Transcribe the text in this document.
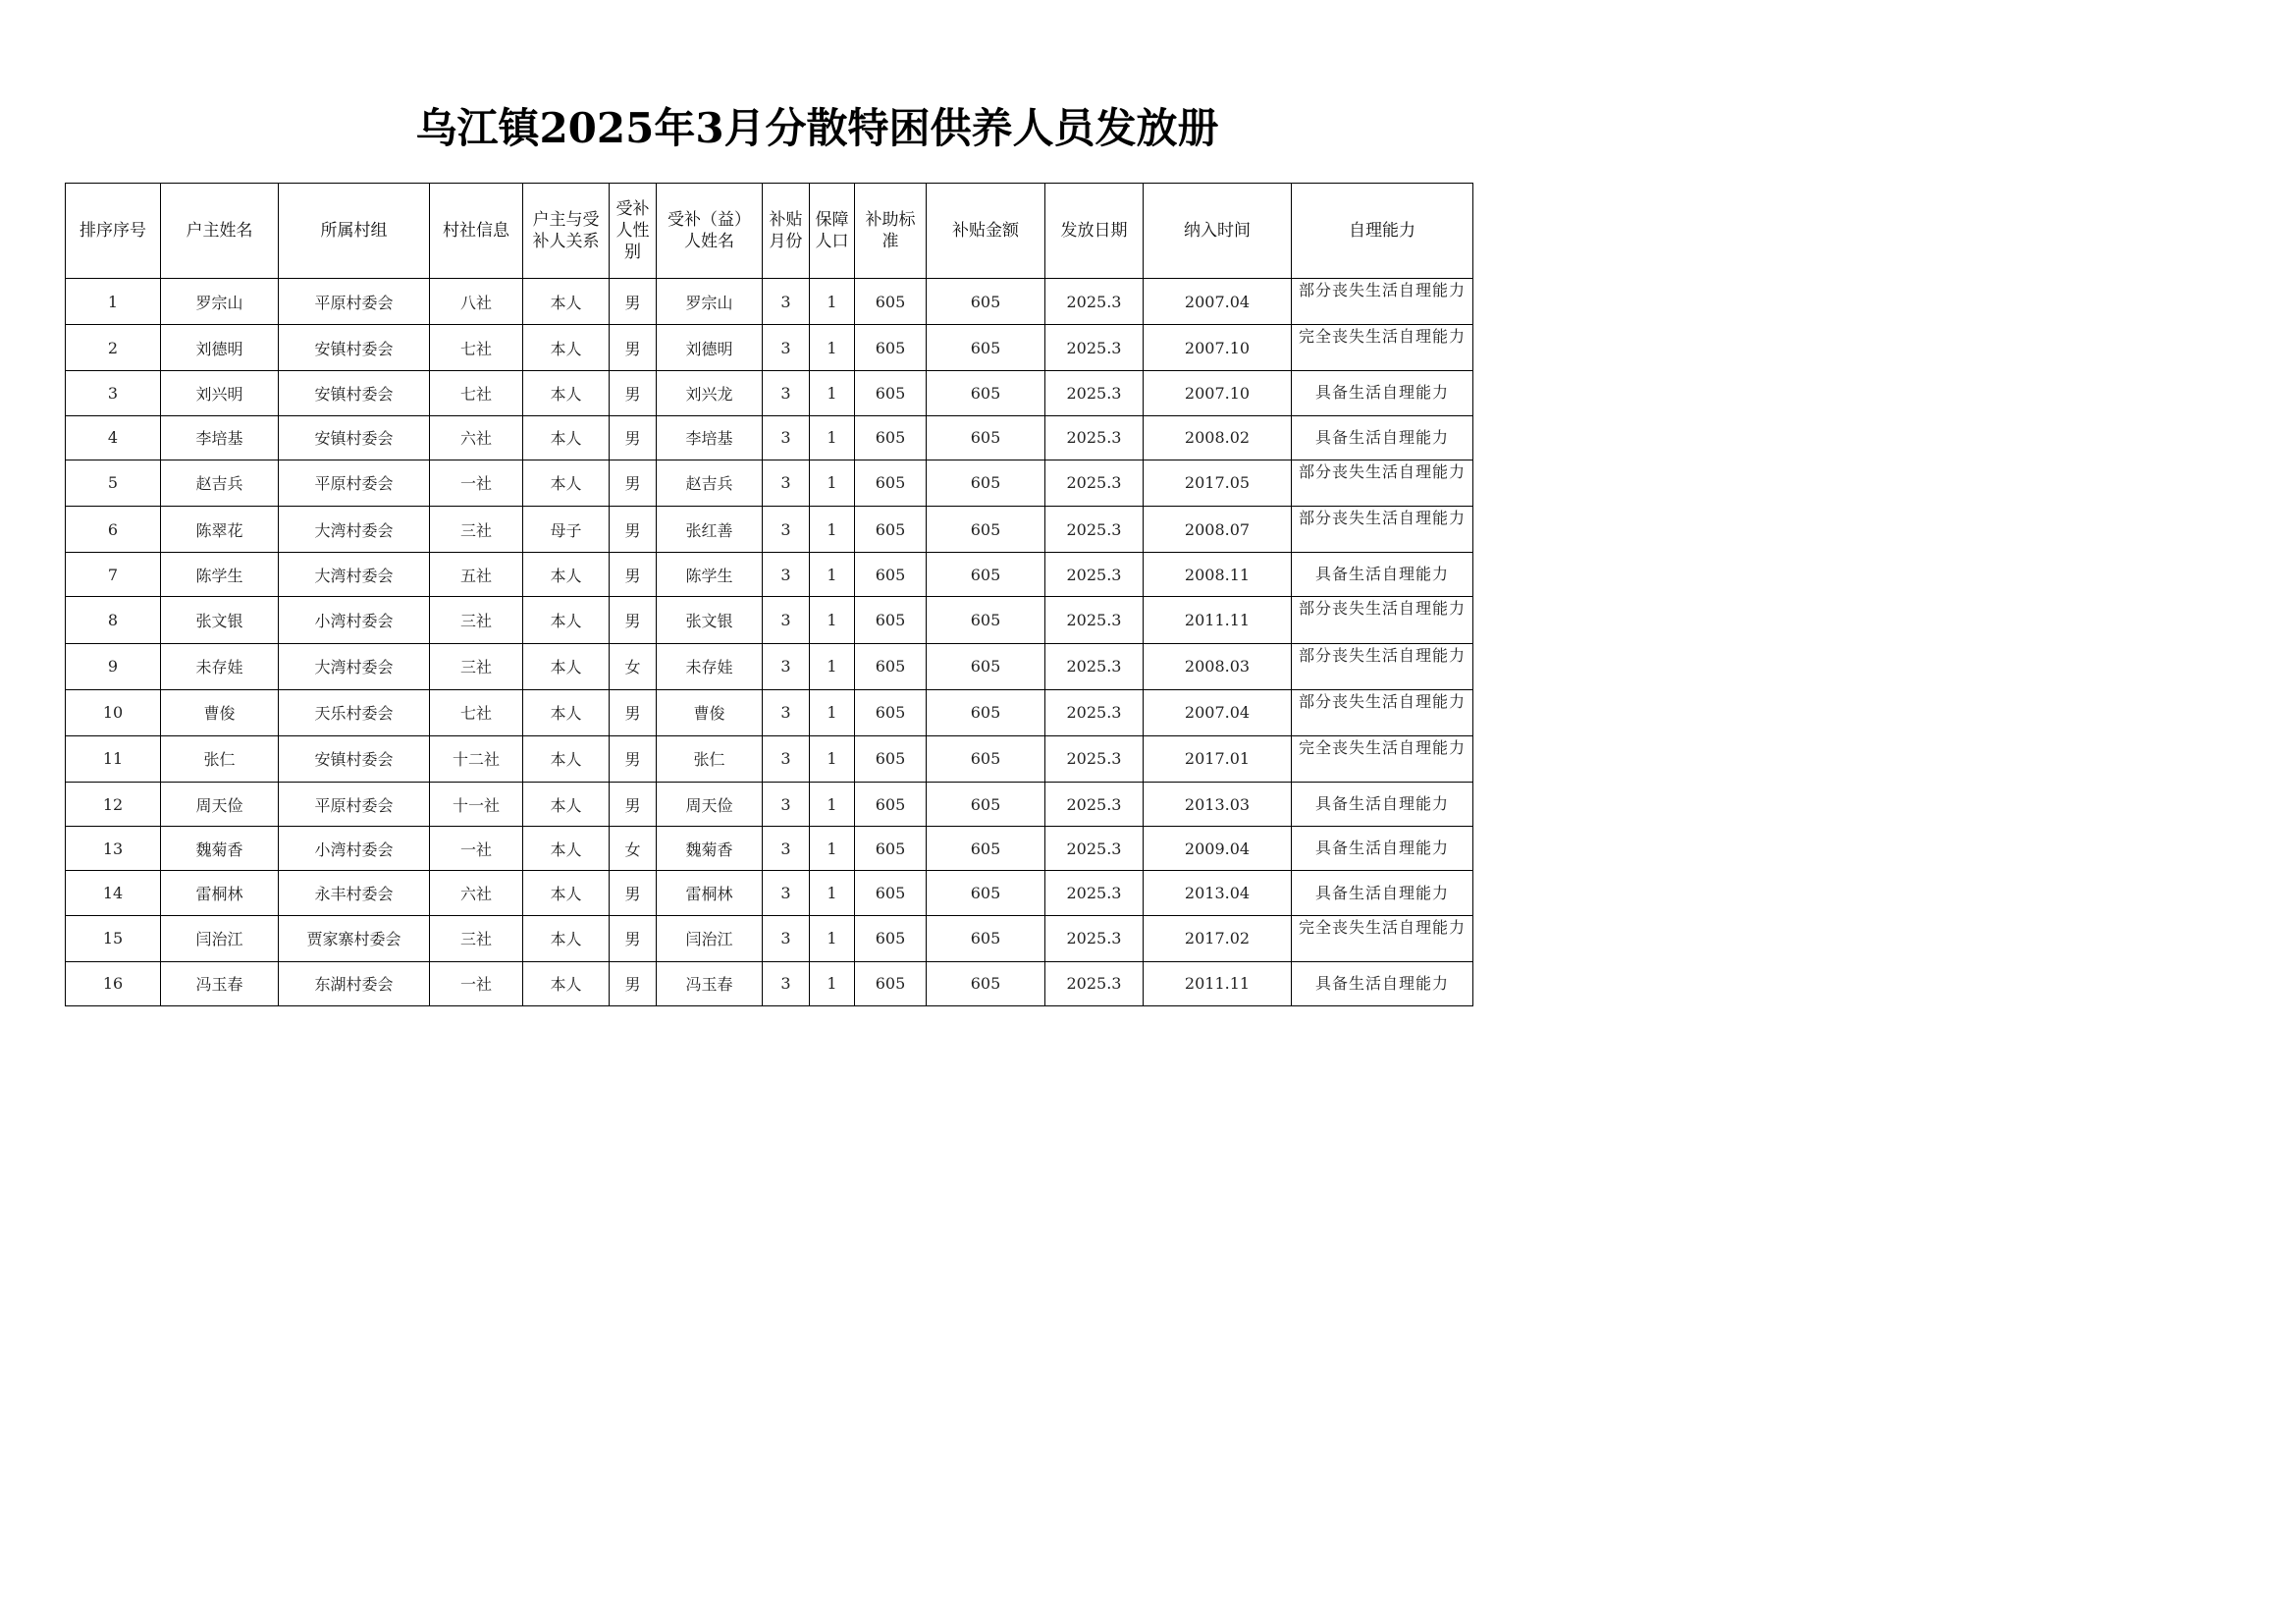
乌江镇2025年3月分散特困供养人员发放册
排序序号	户主姓名	所属村组	村社信息	户主与受补人关系	受补人性别	受补（益）人姓名	补贴月份	保障人口	补助标准	补贴金额	发放日期	纳入时间	自理能力
1	罗宗山	平原村委会	八社	本人	男	罗宗山	3	1	605	605	2025.3	2007.04	部分丧失生活自理能力
2	刘德明	安镇村委会	七社	本人	男	刘德明	3	1	605	605	2025.3	2007.10	完全丧失生活自理能力
3	刘兴明	安镇村委会	七社	本人	男	刘兴龙	3	1	605	605	2025.3	2007.10	具备生活自理能力
4	李培基	安镇村委会	六社	本人	男	李培基	3	1	605	605	2025.3	2008.02	具备生活自理能力
5	赵吉兵	平原村委会	一社	本人	男	赵吉兵	3	1	605	605	2025.3	2017.05	部分丧失生活自理能力
6	陈翠花	大湾村委会	三社	母子	男	张红善	3	1	605	605	2025.3	2008.07	部分丧失生活自理能力
7	陈学生	大湾村委会	五社	本人	男	陈学生	3	1	605	605	2025.3	2008.11	具备生活自理能力
8	张文银	小湾村委会	三社	本人	男	张文银	3	1	605	605	2025.3	2011.11	部分丧失生活自理能力
9	未存娃	大湾村委会	三社	本人	女	未存娃	3	1	605	605	2025.3	2008.03	部分丧失生活自理能力
10	曹俊	天乐村委会	七社	本人	男	曹俊	3	1	605	605	2025.3	2007.04	部分丧失生活自理能力
11	张仁	安镇村委会	十二社	本人	男	张仁	3	1	605	605	2025.3	2017.01	完全丧失生活自理能力
12	周天俭	平原村委会	十一社	本人	男	周天俭	3	1	605	605	2025.3	2013.03	具备生活自理能力
13	魏菊香	小湾村委会	一社	本人	女	魏菊香	3	1	605	605	2025.3	2009.04	具备生活自理能力
14	雷桐林	永丰村委会	六社	本人	男	雷桐林	3	1	605	605	2025.3	2013.04	具备生活自理能力
15	闫治江	贾家寨村委会	三社	本人	男	闫治江	3	1	605	605	2025.3	2017.02	完全丧失生活自理能力
16	冯玉春	东湖村委会	一社	本人	男	冯玉春	3	1	605	605	2025.3	2011.11	具备生活自理能力
